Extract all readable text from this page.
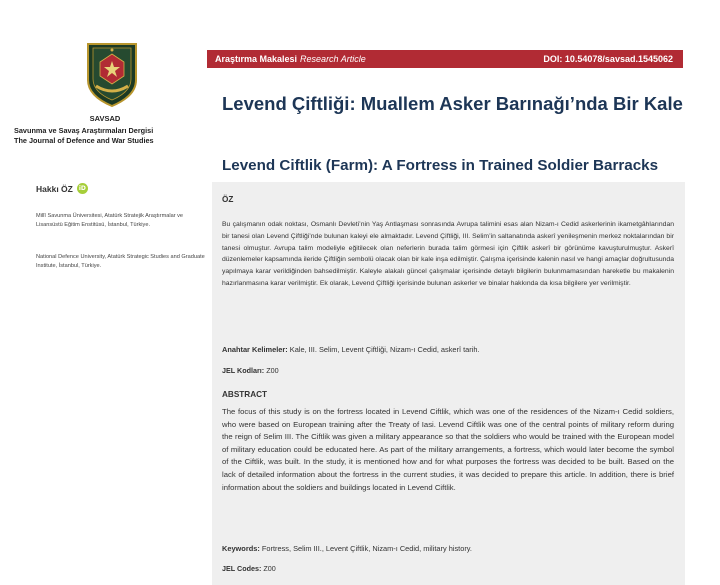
SAVSAD
Savunma ve Savaş Araştırmaları Dergisi
The Journal of Defence and War Studies
Hakkı ÖZ iD
Millî Savunma Üniversitesi, Atatürk Stratejik Araştırmalar ve Lisansüstü Eğitim Enstitüsü, İstanbul, Türkiye.
National Defence University, Atatürk Strategic Studies and Graduate Institute, İstanbul, Türkiye.
Araştırma Makalesi Research Article	DOI: 10.54078/savsad.1545062
Levend Çiftliği: Muallem Asker Barınağı’nda Bir Kale
Levend Ciftlik (Farm): A Fortress in Trained Soldier Barracks
ÖZ

Bu çalışmanın odak noktası, Osmanlı Devleti’nin Yaş Antlaşması sonrasında Avrupa talimini esas alan Nizam-ı Cedid askerlerinin ikametgâhlarından bir tanesi olan Levend Çiftliği’nde bulunan kaleyi ele almaktadır. Levend Çiftliği, III. Selim’in saltanatında askerî yenileşmenin merkez noktalarından bir tanesi olmuştur. Avrupa talim modeliyle eğitilecek olan neferlerin burada talim görmesi için Çiftlik askerî bir görünüme kavuşturulmuştur. Askerî düzenlemeler kapsamında ileride Çiftliğin sembolü olacak olan bir kale inşa edilmiştir. Çalışma içerisinde kalenin nasıl ve hangi amaçlar doğrultusunda yapılmaya karar verildiğinden bahsedilmiştir. Kaleyle alakalı güncel çalışmalar içerisinde detaylı bilgilerin bulunmamasından hareketle bu makalenin hazırlanmasına karar verilmiştir. Ek olarak, Levend Çiftliği içerisinde bulunan askerler ve binalar hakkında da kısa bilgilere yer verilmiştir.

Anahtar Kelimeler: Kale, III. Selim, Levent Çiftliği, Nizam-ı Cedid, askerî tarih.
JEL Kodları: Z00
ABSTRACT

The focus of this study is on the fortress located in Levend Ciftlik, which was one of the residences of the Nizam-ı Cedid soldiers, who were based on European training after the Treaty of Iasi. Levend Ciftlik was one of the central points of military reform during the reign of Selim III. The Ciftlik was given a military appearance so that the soldiers who would be trained with the European model of military education could be educated here. As part of the military arrangements, a fortress, which would later become the symbol of the Ciftlik, was built. In the study, it is mentioned how and for what purposes the fortress was decided to be built. Based on the lack of detailed information about the fortress in the current studies, it was decided to prepare this article. In addition, there is brief information about the soldiers and buildings located in Levend Ciftlik.

Keywords: Fortress, Selim III., Levent Çiftlik, Nizam-ı Cedid, military history.
JEL Codes: Z00
